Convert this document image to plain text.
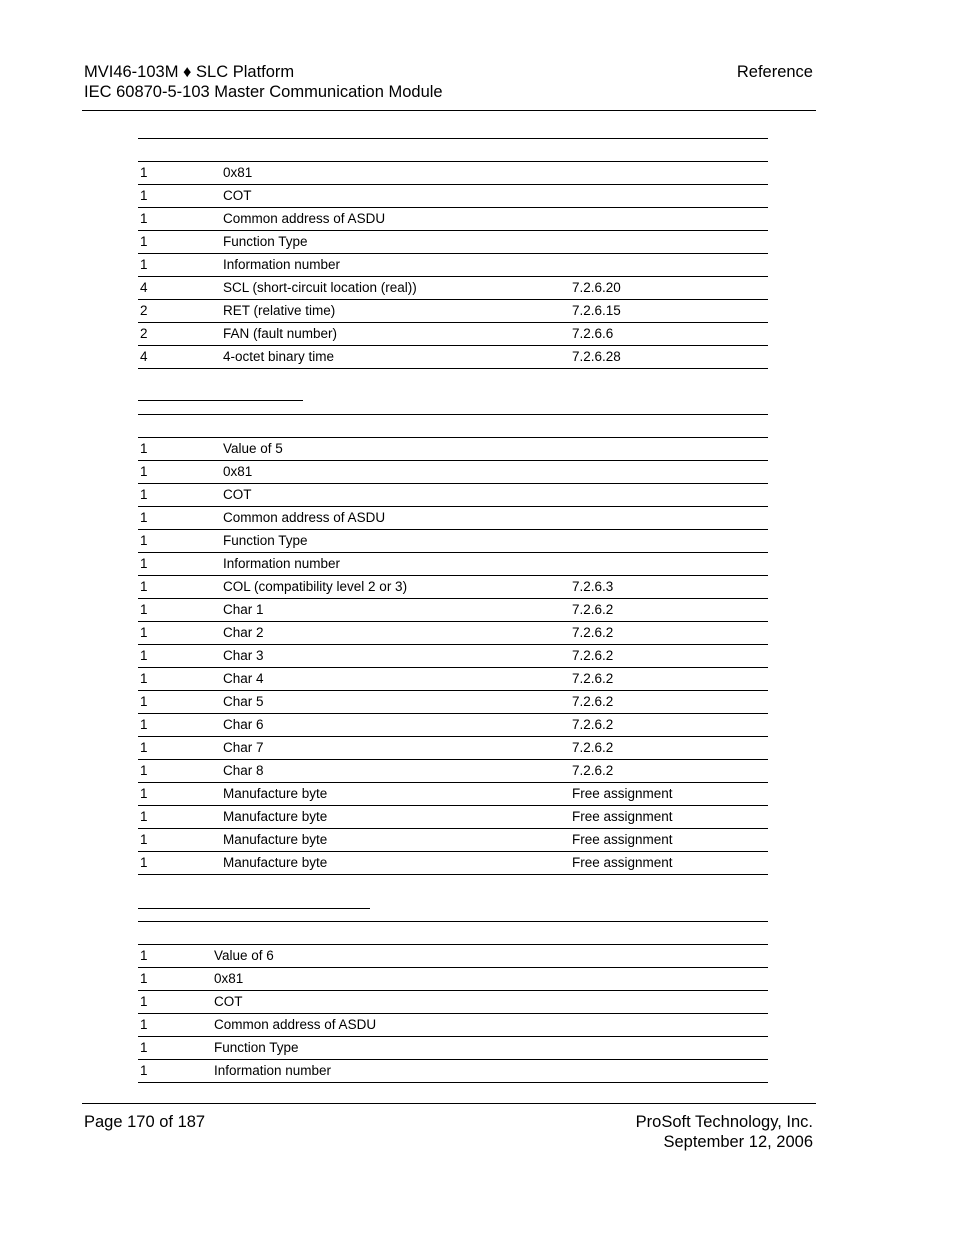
MVI46-103M ♦ SLC Platform
IEC 60870-5-103 Master Communication Module
Reference
1	0x81
1	COT
1	Common address of ASDU
1	Function Type
1	Information number
4	SCL (short-circuit location (real))	7.2.6.20
2	RET (relative time)	7.2.6.15
2	FAN (fault number)	7.2.6.6
4	4-octet binary time	7.2.6.28
1	Value of 5
1	0x81
1	COT
1	Common address of ASDU
1	Function Type
1	Information number
1	COL (compatibility level 2 or 3)	7.2.6.3
1	Char 1	7.2.6.2
1	Char 2	7.2.6.2
1	Char 3	7.2.6.2
1	Char 4	7.2.6.2
1	Char 5	7.2.6.2
1	Char 6	7.2.6.2
1	Char 7	7.2.6.2
1	Char 8	7.2.6.2
1	Manufacture byte	Free assignment
1	Manufacture byte	Free assignment
1	Manufacture byte	Free assignment
1	Manufacture byte	Free assignment
1	Value of 6
1	0x81
1	COT
1	Common address of ASDU
1	Function Type
1	Information number
Page 170 of 187	ProSoft Technology, Inc.
September 12, 2006
